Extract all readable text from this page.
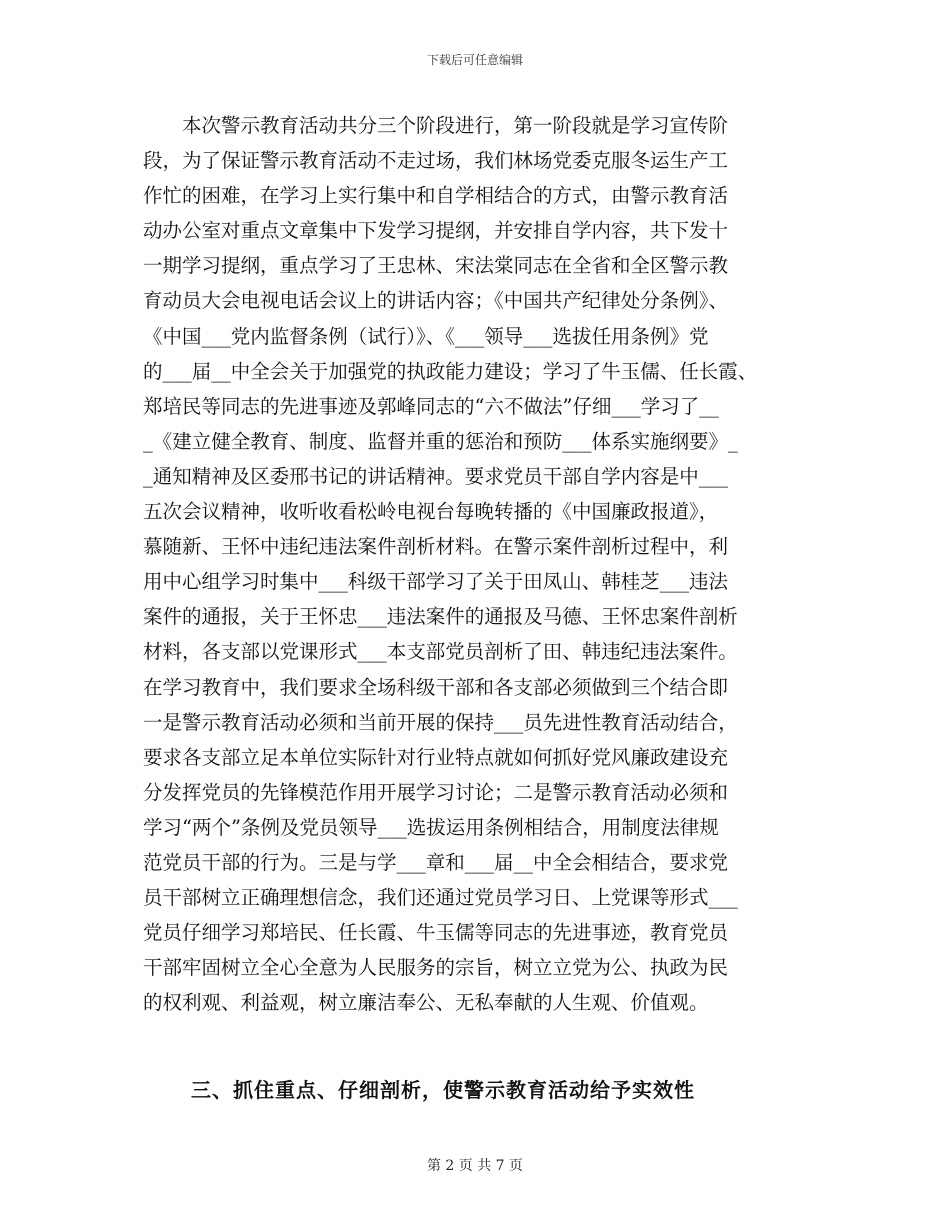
下载后可任意编辑
　　本次警示教育活动共分三个阶段进行，第一阶段就是学习宣传阶
段，为了保证警示教育活动不走过场，我们林场党委克服冬运生产工
作忙的困难，在学习上实行集中和自学相结合的方式，由警示教育活
动办公室对重点文章集中下发学习提纲，并安排自学内容，共下发十
一期学习提纲，重点学习了王忠林、宋法棠同志在全省和全区警示教
育动员大会电视电话会议上的讲话内容；《中国共产纪律处分条例》、
《中国___党内监督条例（试行）》、《___领导___选拔任用条例》党
的___届__中全会关于加强党的执政能力建设；学习了牛玉儒、任长霞、
郑培民等同志的先进事迹及郭峰同志的“六不做法”仔细___学习了__
_《建立健全教育、制度、监督并重的惩治和预防___体系实施纲要》_
_通知精神及区委邢书记的讲话精神。要求党员干部自学内容是中___
五次会议精神，收听收看松岭电视台每晚转播的《中国廉政报道》，
慕随新、王怀中违纪违法案件剖析材料。在警示案件剖析过程中，利
用中心组学习时集中___科级干部学习了关于田凤山、韩桂芝___违法
案件的通报，关于王怀忠___违法案件的通报及马德、王怀忠案件剖析
材料，各支部以党课形式___本支部党员剖析了田、韩违纪违法案件。
在学习教育中，我们要求全场科级干部和各支部必须做到三个结合即
一是警示教育活动必须和当前开展的保持___员先进性教育活动结合，
要求各支部立足本单位实际针对行业特点就如何抓好党风廉政建设充
分发挥党员的先锋模范作用开展学习讨论；二是警示教育活动必须和
学习“两个”条例及党员领导___选拔运用条例相结合，用制度法律规
范党员干部的行为。三是与学___章和___届__中全会相结合，要求党
员干部树立正确理想信念，我们还通过党员学习日、上党课等形式___
党员仔细学习郑培民、任长霞、牛玉儒等同志的先进事迹，教育党员
干部牢固树立全心全意为人民服务的宗旨，树立立党为公、执政为民
的权利观、利益观，树立廉洁奉公、无私奉献的人生观、价值观。
三、抓住重点、仔细剖析，使警示教育活动给予实效性
第 2 页 共 7 页
